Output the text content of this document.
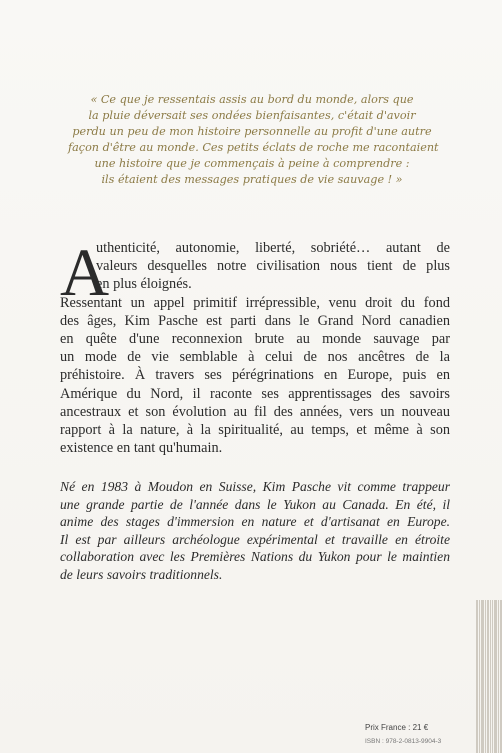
« Ce que je ressentais assis au bord du monde, alors que
la pluie déversait ses ondées bienfaisantes, c'était d'avoir
perdu un peu de mon histoire personnelle au profit d'une autre
façon d'être au monde. Ces petits éclats de roche me racontaient
une histoire que je commençais à peine à comprendre :
ils étaient des messages pratiques de vie sauvage ! »
A
uthenticité, autonomie, liberté, sobriété… autant de
valeurs desquelles notre civilisation nous tient de plus
en plus éloignés.
Ressentant un appel primitif irrépressible, venu droit du fond
des âges, Kim Pasche est parti dans le Grand Nord canadien
en quête d'une reconnexion brute au monde sauvage par
un mode de vie semblable à celui de nos ancêtres de la
préhistoire. À travers ses pérégrinations en Europe, puis en
Amérique du Nord, il raconte ses apprentissages des savoirs
ancestraux et son évolution au fil des années, vers un nouveau
rapport à la nature, à la spiritualité, au temps, et même à son
existence en tant qu'humain.
Né en 1983 à Moudon en Suisse, Kim Pasche vit comme trappeur
une grande partie de l'année dans le Yukon au Canada. En été, il
anime des stages d'immersion en nature et d'artisanat en Europe.
Il est par ailleurs archéologue expérimental et travaille en étroite
collaboration avec les Premières Nations du Yukon pour le maintien
de leurs savoirs traditionnels.
Prix France : 21 €
ISBN : 978-2-0813-9904-3
